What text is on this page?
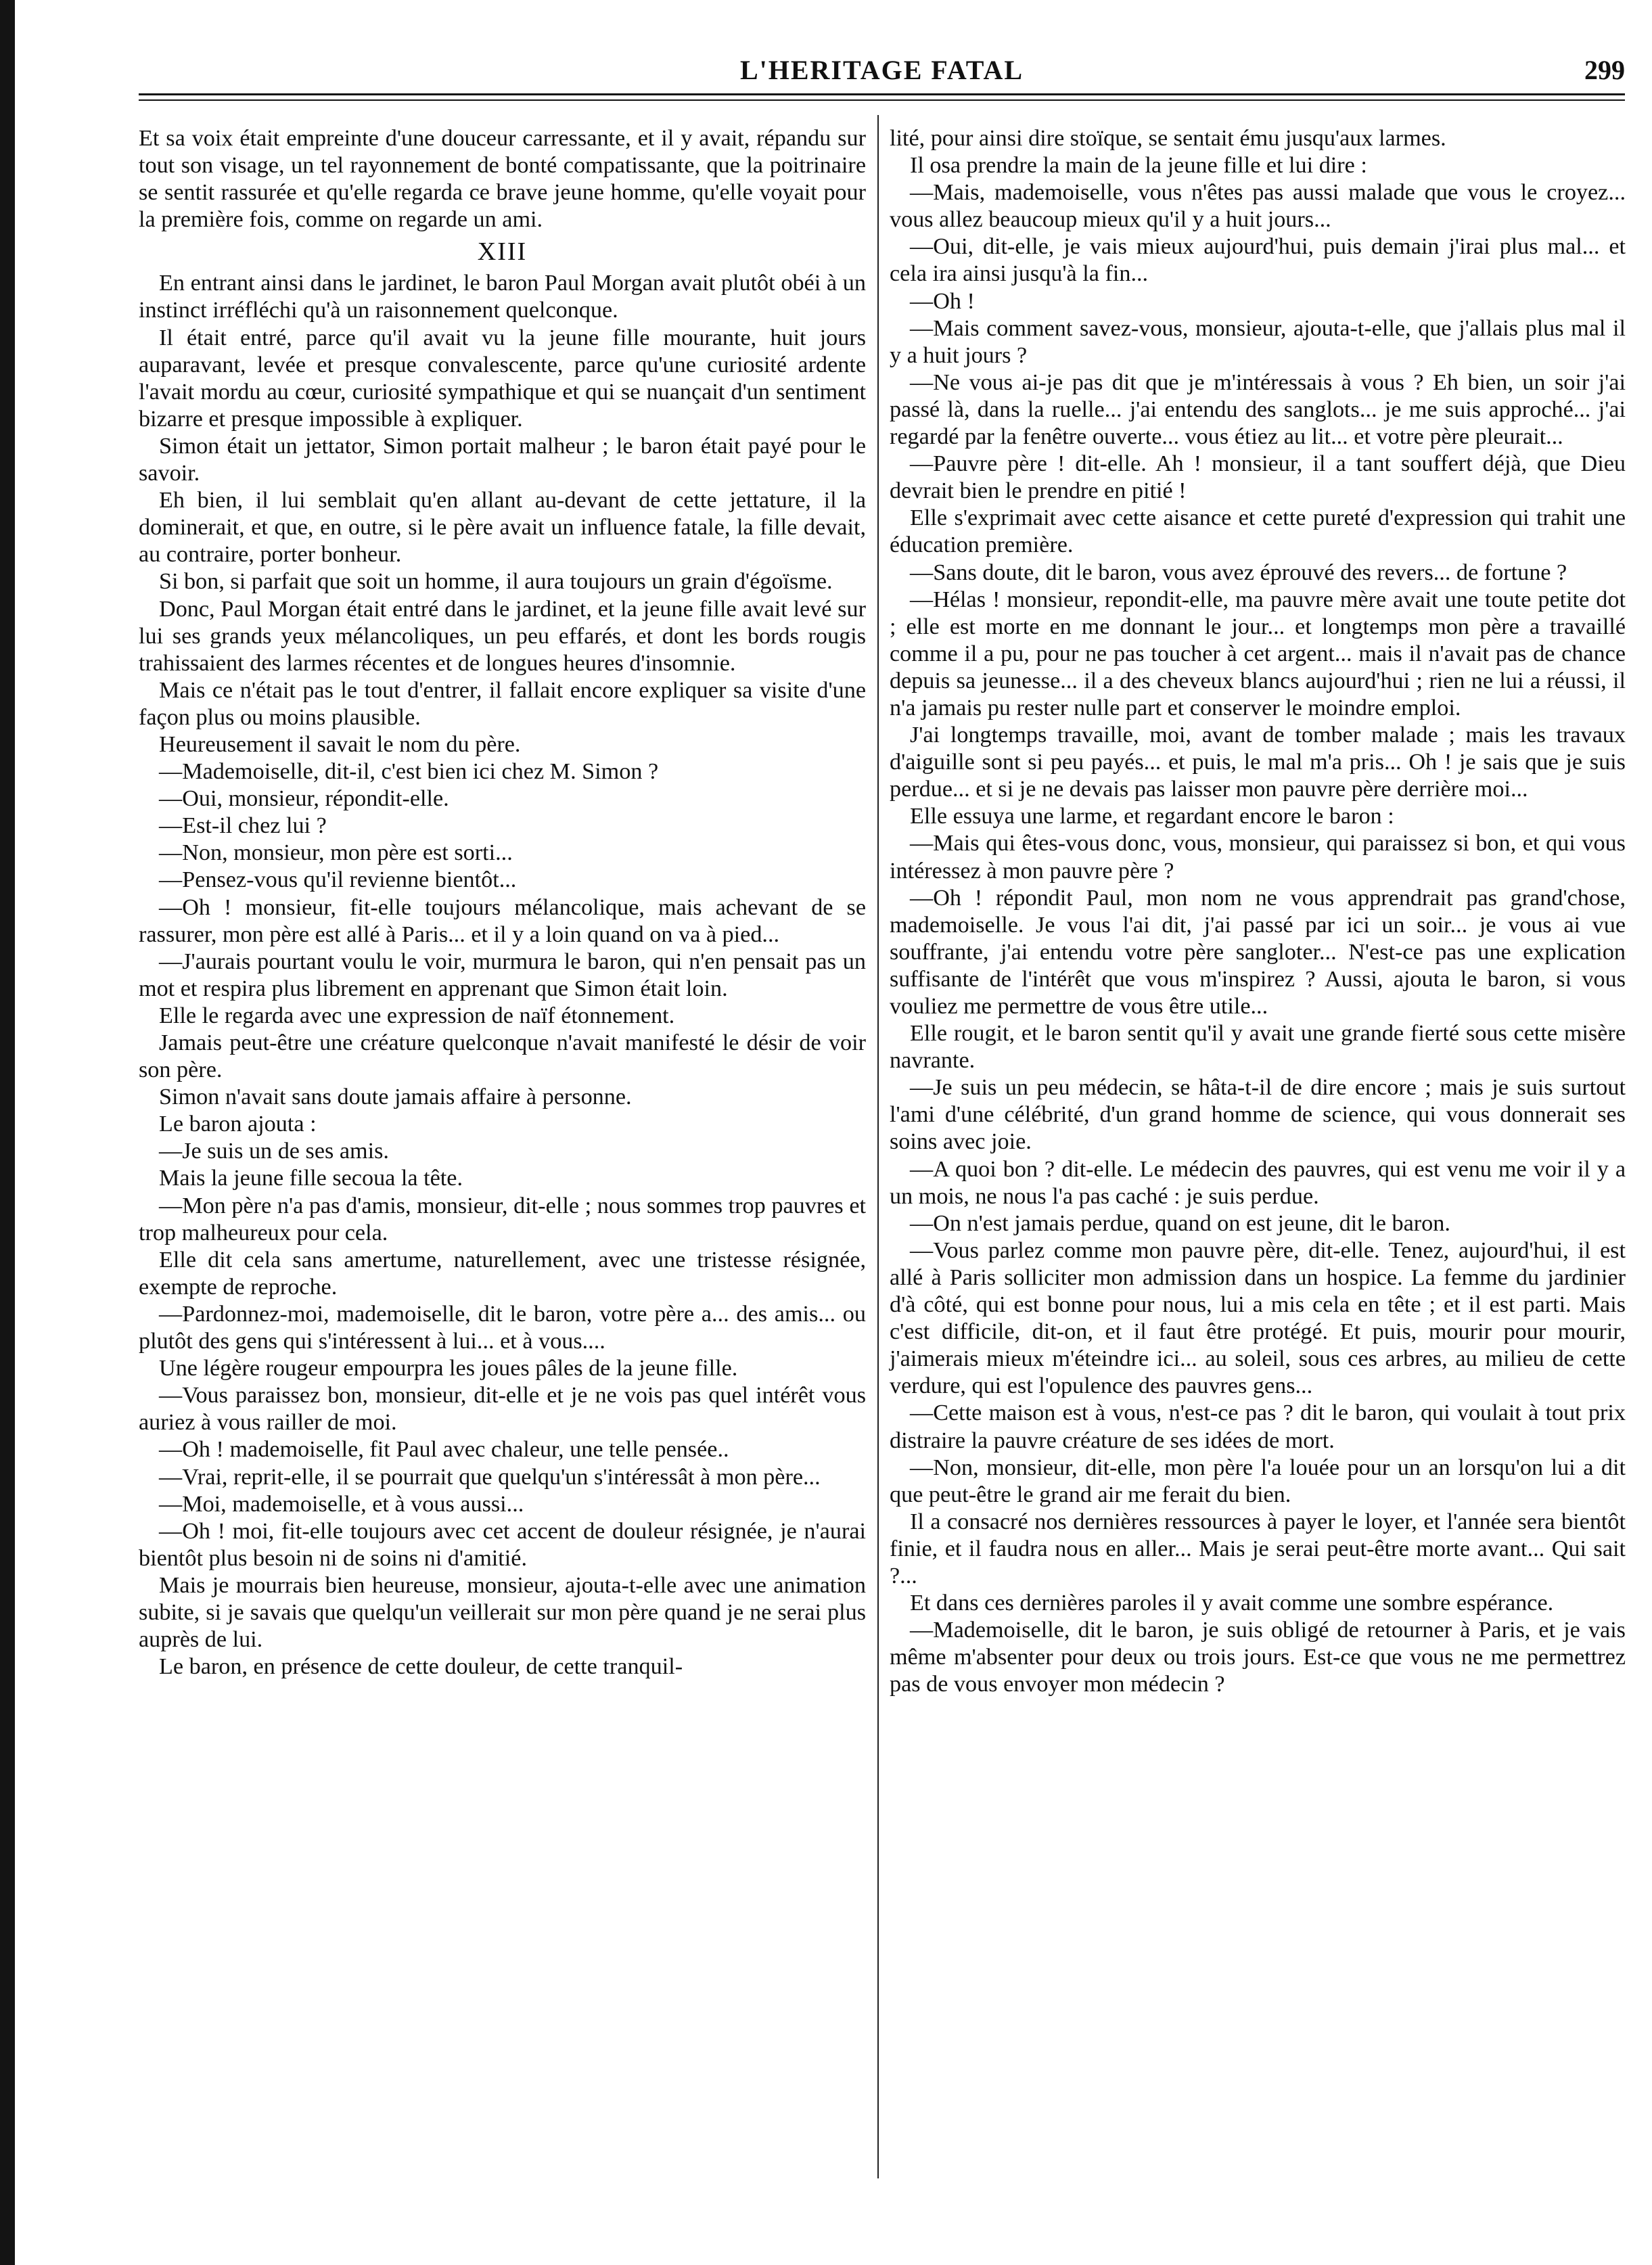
L'HERITAGE FATAL	299

Et sa voix était empreinte d'une douceur carressante, et il y avait, répandu sur tout son visage, un tel rayonnement de bonté compatissante, que la poitrinaire se sentit rassurée et qu'elle regarda ce brave jeune homme, qu'elle voyait pour la première fois, comme on regarde un ami.

XIII

En entrant ainsi dans le jardinet, le baron Paul Morgan avait plutôt obéi à un instinct irréfléchi qu'à un raisonnement quelconque.

Il était entré, parce qu'il avait vu la jeune fille mourante, huit jours auparavant, levée et presque convalescente, parce qu'une curiosité ardente l'avait mordu au cœur, curiosité sympathique et qui se nuançait d'un sentiment bizarre et presque impossible à expliquer.

Simon était un jettator, Simon portait malheur ; le baron était payé pour le savoir.

Eh bien, il lui semblait qu'en allant au-devant de cette jettature, il la dominerait, et que, en outre, si le père avait un influence fatale, la fille devait, au contraire, porter bonheur.

Si bon, si parfait que soit un homme, il aura toujours un grain d'égoïsme.

Donc, Paul Morgan était entré dans le jardinet, et la jeune fille avait levé sur lui ses grands yeux mélancoliques, un peu effarés, et dont les bords rougis trahissaient des larmes récentes et de longues heures d'insomnie.

Mais ce n'était pas le tout d'entrer, il fallait encore expliquer sa visite d'une façon plus ou moins plausible.

Heureusement il savait le nom du père.

—Mademoiselle, dit-il, c'est bien ici chez M. Simon ?

—Oui, monsieur, répondit-elle.

—Est-il chez lui ?

—Non, monsieur, mon père est sorti...

—Pensez-vous qu'il revienne bientôt...

—Oh ! monsieur, fit-elle toujours mélancolique, mais achevant de se rassurer, mon père est allé à Paris... et il y a loin quand on va à pied...

—J'aurais pourtant voulu le voir, murmura le baron, qui n'en pensait pas un mot et respira plus librement en apprenant que Simon était loin.

Elle le regarda avec une expression de naïf étonnement.

Jamais peut-être une créature quelconque n'avait manifesté le désir de voir son père.

Simon n'avait sans doute jamais affaire à personne.

Le baron ajouta :

—Je suis un de ses amis.

Mais la jeune fille secoua la tête.

—Mon père n'a pas d'amis, monsieur, dit-elle ; nous sommes trop pauvres et trop malheureux pour cela.

Elle dit cela sans amertume, naturellement, avec une tristesse résignée, exempte de reproche.

—Pardonnez-moi, mademoiselle, dit le baron, votre père a... des amis... ou plutôt des gens qui s'intéressent à lui... et à vous....

Une légère rougeur empourpra les joues pâles de la jeune fille.

—Vous paraissez bon, monsieur, dit-elle et je ne vois pas quel intérêt vous auriez à vous railler de moi.

—Oh ! mademoiselle, fit Paul avec chaleur, une telle pensée..

—Vrai, reprit-elle, il se pourrait que quelqu'un s'intéressât à mon père...

—Moi, mademoiselle, et à vous aussi...

—Oh ! moi, fit-elle toujours avec cet accent de douleur résignée, je n'aurai bientôt plus besoin ni de soins ni d'amitié.

Mais je mourrais bien heureuse, monsieur, ajouta-t-elle avec une animation subite, si je savais que quelqu'un veillerait sur mon père quand je ne serai plus auprès de lui.

Le baron, en présence de cette douleur, de cette tranquil-

lité, pour ainsi dire stoïque, se sentait ému jusqu'aux larmes.

Il osa prendre la main de la jeune fille et lui dire :

—Mais, mademoiselle, vous n'êtes pas aussi malade que vous le croyez... vous allez beaucoup mieux qu'il y a huit jours...

—Oui, dit-elle, je vais mieux aujourd'hui, puis demain j'irai plus mal... et cela ira ainsi jusqu'à la fin...

—Oh !

—Mais comment savez-vous, monsieur, ajouta-t-elle, que j'allais plus mal il y a huit jours ?

—Ne vous ai-je pas dit que je m'intéressais à vous ? Eh bien, un soir j'ai passé là, dans la ruelle... j'ai entendu des sanglots... je me suis approché... j'ai regardé par la fenêtre ouverte... vous étiez au lit... et votre père pleurait...

—Pauvre père ! dit-elle. Ah ! monsieur, il a tant souffert déjà, que Dieu devrait bien le prendre en pitié !

Elle s'exprimait avec cette aisance et cette pureté d'expression qui trahit une éducation première.

—Sans doute, dit le baron, vous avez éprouvé des revers... de fortune ?

—Hélas ! monsieur, repondit-elle, ma pauvre mère avait une toute petite dot ; elle est morte en me donnant le jour... et longtemps mon père a travaillé comme il a pu, pour ne pas toucher à cet argent... mais il n'avait pas de chance depuis sa jeunesse... il a des cheveux blancs aujourd'hui ; rien ne lui a réussi, il n'a jamais pu rester nulle part et conserver le moindre emploi.

J'ai longtemps travaille, moi, avant de tomber malade ; mais les travaux d'aiguille sont si peu payés... et puis, le mal m'a pris... Oh ! je sais que je suis perdue... et si je ne devais pas laisser mon pauvre père derrière moi...

Elle essuya une larme, et regardant encore le baron :

—Mais qui êtes-vous donc, vous, monsieur, qui paraissez si bon, et qui vous intéressez à mon pauvre père ?

—Oh ! répondit Paul, mon nom ne vous apprendrait pas grand'chose, mademoiselle. Je vous l'ai dit, j'ai passé par ici un soir... je vous ai vue souffrante, j'ai entendu votre père sangloter... N'est-ce pas une explication suffisante de l'intérêt que vous m'inspirez ? Aussi, ajouta le baron, si vous vouliez me permettre de vous être utile...

Elle rougit, et le baron sentit qu'il y avait une grande fierté sous cette misère navrante.

—Je suis un peu médecin, se hâta-t-il de dire encore ; mais je suis surtout l'ami d'une célébrité, d'un grand homme de science, qui vous donnerait ses soins avec joie.

—A quoi bon ? dit-elle. Le médecin des pauvres, qui est venu me voir il y a un mois, ne nous l'a pas caché : je suis perdue.

—On n'est jamais perdue, quand on est jeune, dit le baron.

—Vous parlez comme mon pauvre père, dit-elle. Tenez, aujourd'hui, il est allé à Paris solliciter mon admission dans un hospice. La femme du jardinier d'à côté, qui est bonne pour nous, lui a mis cela en tête ; et il est parti. Mais c'est difficile, dit-on, et il faut être protégé. Et puis, mourir pour mourir, j'aimerais mieux m'éteindre ici... au soleil, sous ces arbres, au milieu de cette verdure, qui est l'opulence des pauvres gens...

—Cette maison est à vous, n'est-ce pas ? dit le baron, qui voulait à tout prix distraire la pauvre créature de ses idées de mort.

—Non, monsieur, dit-elle, mon père l'a louée pour un an lorsqu'on lui a dit que peut-être le grand air me ferait du bien.

Il a consacré nos dernières ressources à payer le loyer, et l'année sera bientôt finie, et il faudra nous en aller... Mais je serai peut-être morte avant... Qui sait ?...

Et dans ces dernières paroles il y avait comme une sombre espérance.

—Mademoiselle, dit le baron, je suis obligé de retourner à Paris, et je vais même m'absenter pour deux ou trois jours. Est-ce que vous ne me permettrez pas de vous envoyer mon médecin ?
